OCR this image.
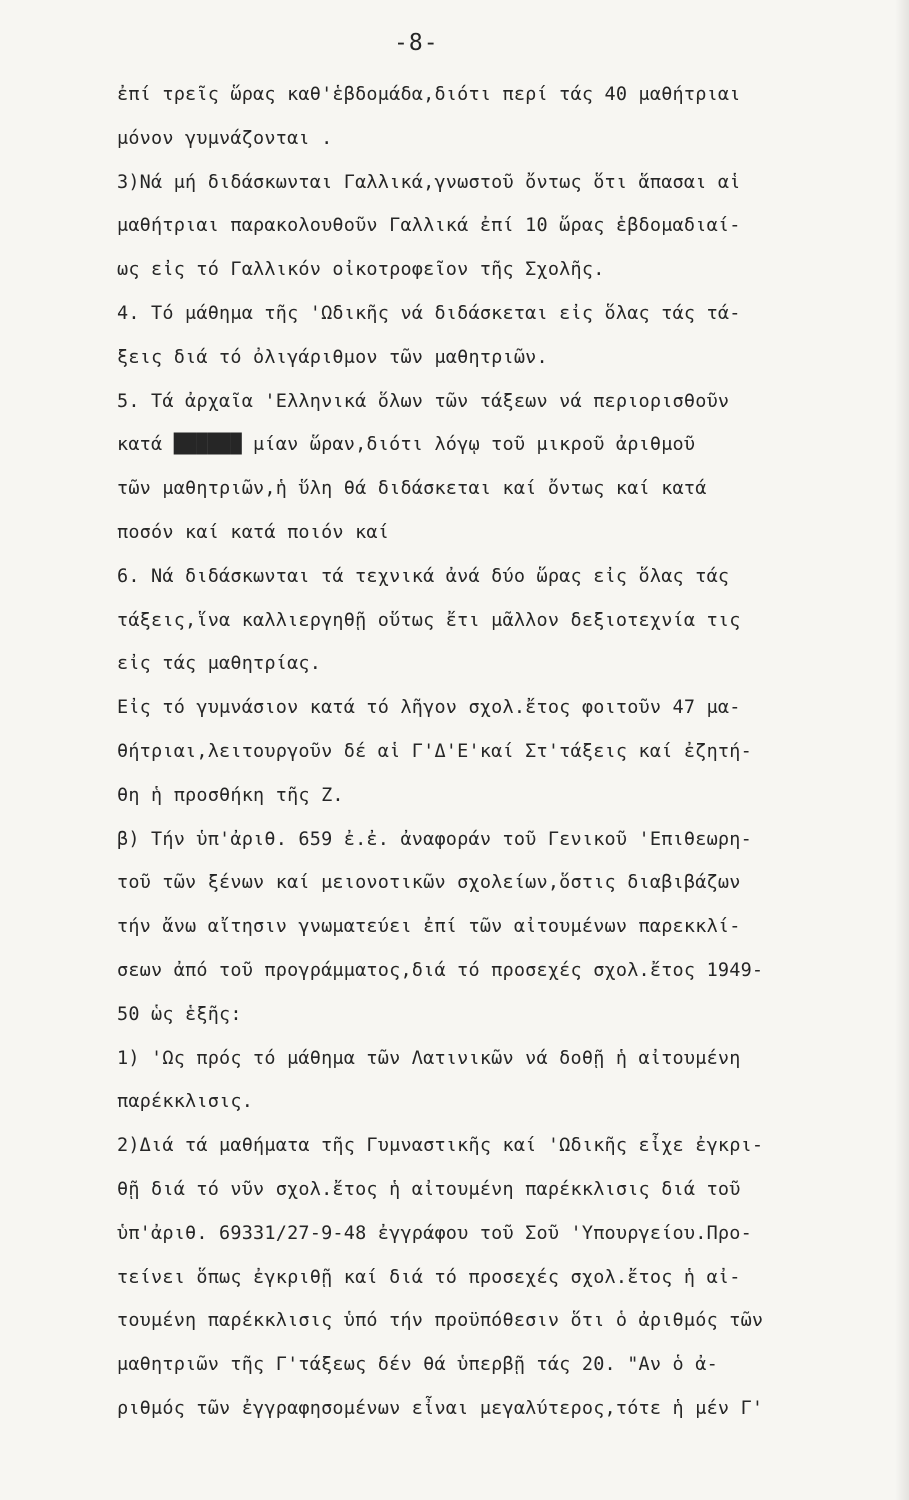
-8-
ἐπί τρεῖς ὥρας καθ'ἑβδομάδα,διότι περί τάς 40 μαθήτριαι
μόνον γυμνάζονται .
3)Νά μή διδάσκωνται Γαλλικά,γνωστοῦ ὄντως ὅτι ἅπασαι αἱ
μαθήτριαι παρακολουθοῦν Γαλλικά ἐπί 10 ὥρας ἑβδομαδιαί-
ως εἰς τό Γαλλικόν οἰκοτροφεῖον τῆς Σχολῆς.
4. Τό μάθημα τῆς 'Ωδικῆς νά διδάσκεται εἰς ὅλας τάς τά-
ξεις διά τό ὀλιγάριθμον τῶν μαθητριῶν.
5. Τά ἀρχαῖα 'Ελληνικά ὅλων τῶν τάξεων νά περιορισθοῦν
κατά ██████ μίαν ὥραν,διότι λόγῳ τοῦ μικροῦ ἀριθμοῦ
τῶν μαθητριῶν,ἡ ὕλη θά διδάσκεται καί ὄντως καί κατά
ποσόν καί κατά ποιόν καί
6. Νά διδάσκωνται τά τεχνικά ἀνά δύο ὥρας εἰς ὅλας τάς
τάξεις,ἵνα καλλιεργηθῇ οὕτως ἔτι μᾶλλον δεξιοτεχνία τις
εἰς τάς μαθητρίας.
Εἰς τό γυμνάσιον κατά τό λῆγον σχολ.ἔτος φοιτοῦν 47 μα-
θήτριαι,λειτουργοῦν δέ αἱ Γ'Δ'Ε'καί Στ'τάξεις καί ἐζητή-
θη ἡ προσθήκη τῆς Ζ.
β) Τήν ὑπ'ἀριθ. 659 ἐ.ἐ. ἀναφοράν τοῦ Γενικοῦ 'Επιθεωρη-
τοῦ τῶν ξένων καί μειονοτικῶν σχολείων,ὅστις διαβιβάζων
τήν ἄνω αἴτησιν γνωματεύει ἐπί τῶν αἰτουμένων παρεκκλί-
σεων ἀπό τοῦ προγράμματος,διά τό προσεχές σχολ.ἔτος 1949-
50 ὡς ἑξῆς:
1) 'Ως πρός τό μάθημα τῶν Λατινικῶν νά δοθῇ ἡ αἰτουμένη
παρέκκλισις.
2)Διά τά μαθήματα τῆς Γυμναστικῆς καί 'Ωδικῆς εἶχε ἐγκρι-
θῇ διά τό νῦν σχολ.ἔτος ἡ αἰτουμένη παρέκκλισις διά τοῦ
ὑπ'ἀριθ. 69331/27-9-48 ἐγγράφου τοῦ Σοῦ 'Υπουργείου.Προ-
τείνει ὅπως ἐγκριθῇ καί διά τό προσεχές σχολ.ἔτος ἡ αἰ-
τουμένη παρέκκλισις ὑπό τήν προϋπόθεσιν ὅτι ὁ ἀριθμός τῶν
μαθητριῶν τῆς Γ'τάξεως δέν θά ὑπερβῇ τάς 20. "Αν ὁ ἀ-
ριθμός τῶν ἐγγραφησομένων εἶναι μεγαλύτερος,τότε ἡ μέν Γ'
